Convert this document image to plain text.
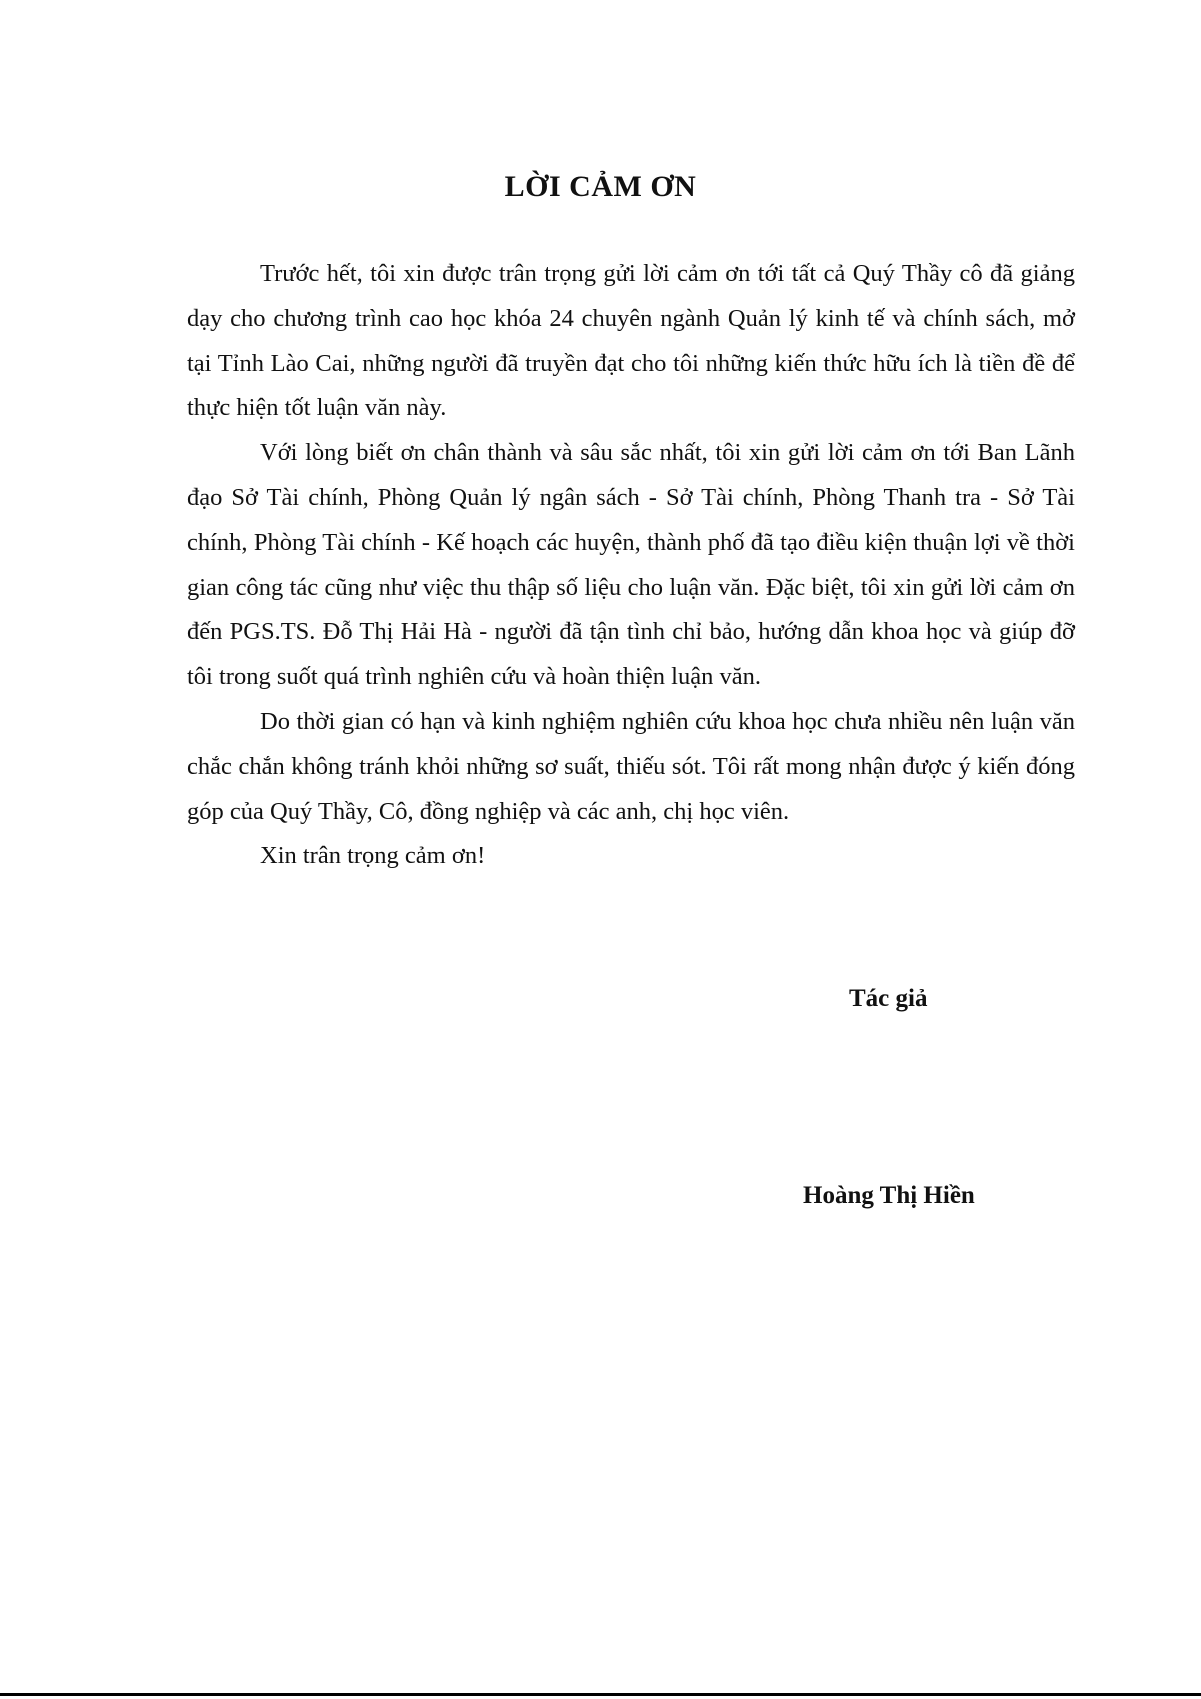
LỜI CẢM ƠN

Trước hết, tôi xin được trân trọng gửi lời cảm ơn tới tất cả Quý Thầy cô đã giảng dạy cho chương trình cao học khóa 24 chuyên ngành Quản lý kinh tế và chính sách, mở tại Tỉnh Lào Cai, những người đã truyền đạt cho tôi những kiến thức hữu ích là tiền đề để thực hiện tốt luận văn này.

Với lòng biết ơn chân thành và sâu sắc nhất, tôi xin gửi lời cảm ơn tới Ban Lãnh đạo Sở Tài chính, Phòng Quản lý ngân sách - Sở Tài chính, Phòng Thanh tra - Sở Tài chính, Phòng Tài chính - Kế hoạch các huyện, thành phố đã tạo điều kiện thuận lợi về thời gian công tác cũng như việc thu thập số liệu cho luận văn. Đặc biệt, tôi xin gửi lời cảm ơn đến PGS.TS. Đỗ Thị Hải Hà - người đã tận tình chỉ bảo, hướng dẫn khoa học và giúp đỡ tôi trong suốt quá trình nghiên cứu và hoàn thiện luận văn.

Do thời gian có hạn và kinh nghiệm nghiên cứu khoa học chưa nhiều nên luận văn chắc chắn không tránh khỏi những sơ suất, thiếu sót. Tôi rất mong nhận được ý kiến đóng góp của Quý Thầy, Cô, đồng nghiệp và các anh, chị học viên.

Xin trân trọng cảm ơn!

Tác giả

Hoàng Thị Hiền
